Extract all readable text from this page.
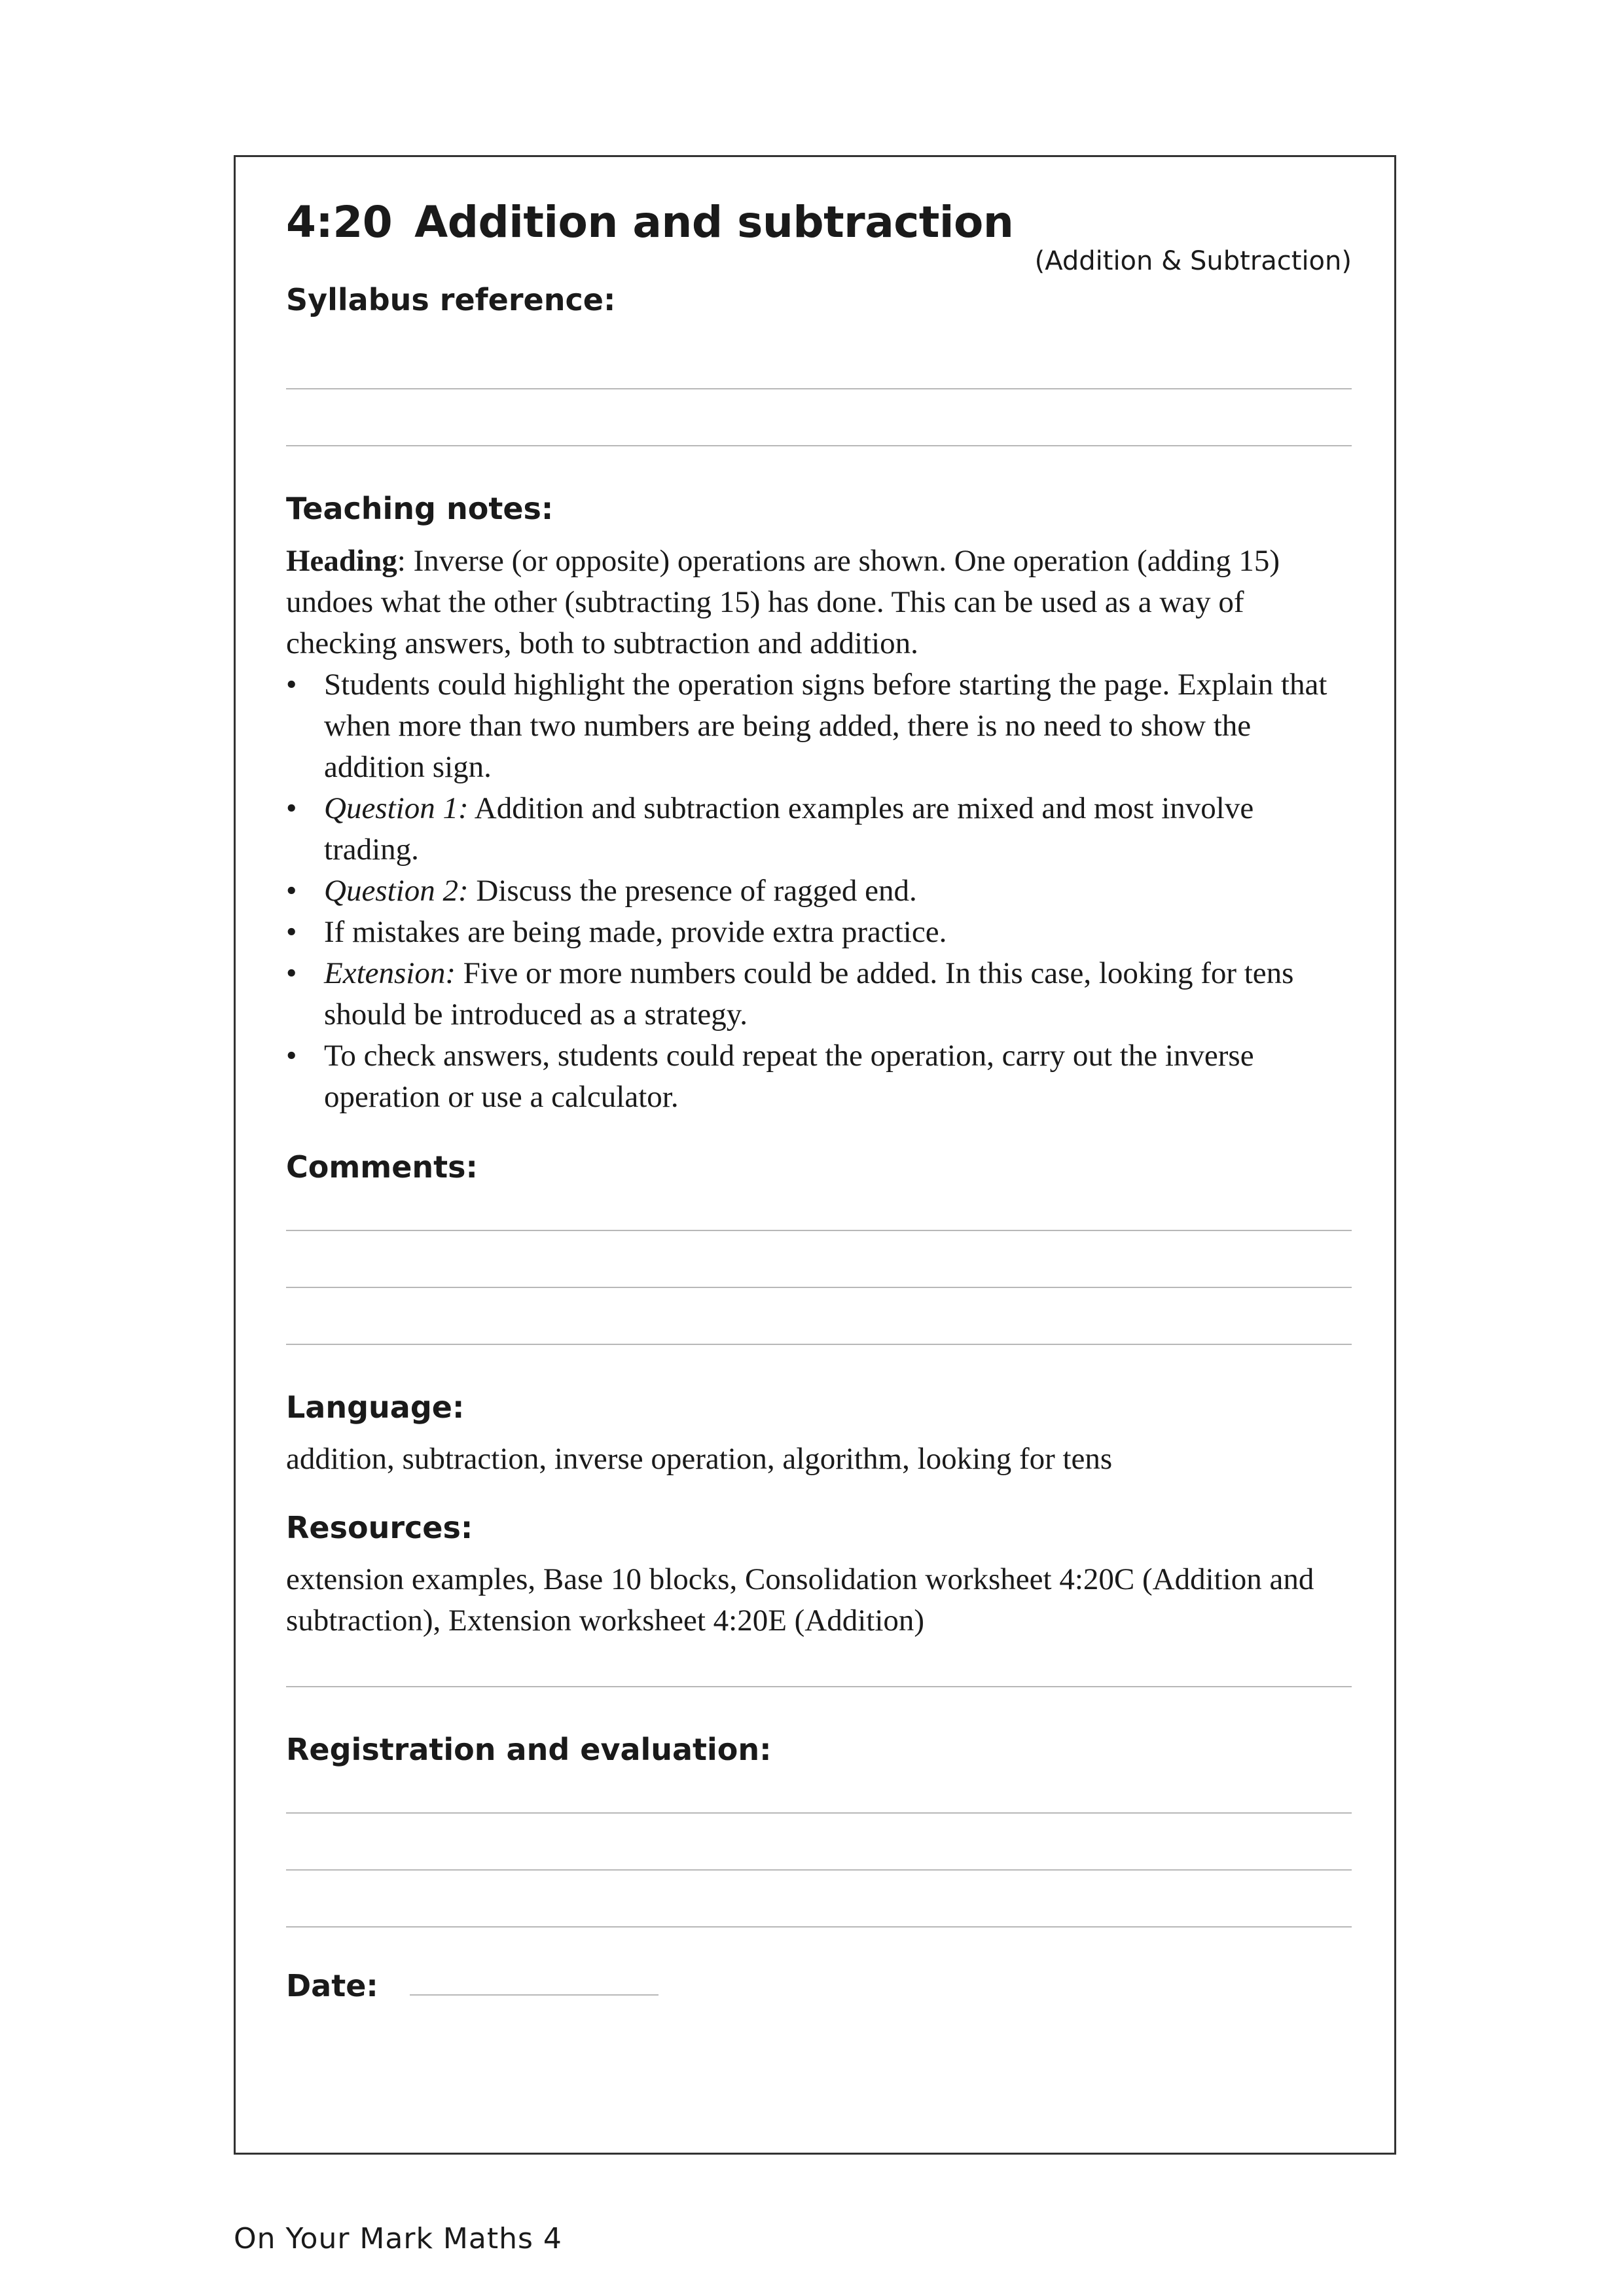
4:20 Addition and subtraction
(Addition & Subtraction)
Syllabus reference:
Teaching notes:

Heading: Inverse (or opposite) operations are shown. One operation (adding 15) undoes what the other (subtracting 15) has done. This can be used as a way of checking answers, both to subtraction and addition.

• Students could highlight the operation signs before starting the page. Explain that when more than two numbers are being added, there is no need to show the addition sign.
• Question 1: Addition and subtraction examples are mixed and most involve trading.
• Question 2: Discuss the presence of ragged end.
• If mistakes are being made, provide extra practice.
• Extension: Five or more numbers could be added. In this case, looking for tens should be introduced as a strategy.
• To check answers, students could repeat the operation, carry out the inverse operation or use a calculator.
Comments:
Language:

addition, subtraction, inverse operation, algorithm, looking for tens

Resources:

extension examples, Base 10 blocks, Consolidation worksheet 4:20C (Addition and subtraction), Extension worksheet 4:20E (Addition)

Registration and evaluation:
Date:
On Your Mark Maths 4
